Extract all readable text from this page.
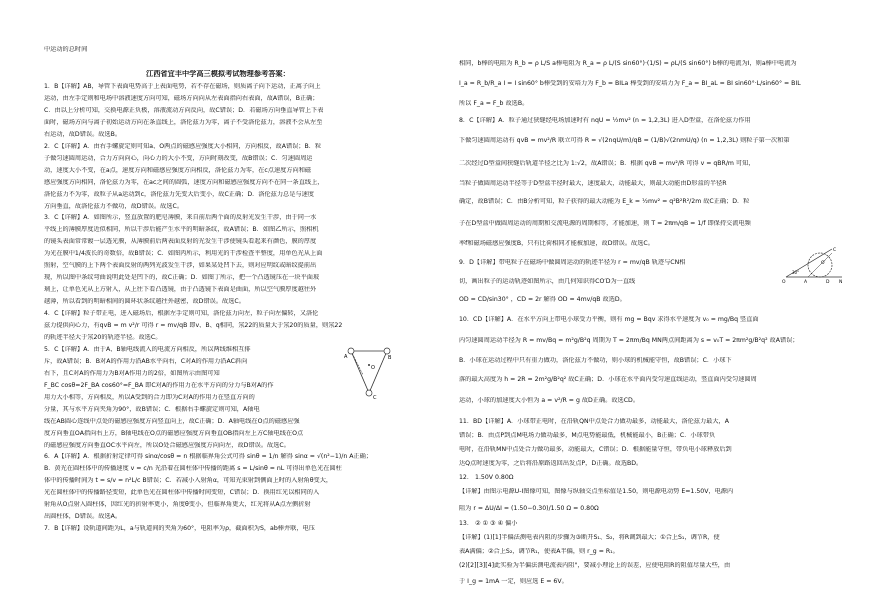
中运动的总时间
江西省宜丰中学高三模拟考试物理参考答案：
1．B【详解】AB，导管下表面电势高于上表面电势，若不存在磁场，则质离子向下运动，正离子向上
运动，由左手定则和电场中溶液速度方向可知，磁场方向向从左表面指向右表面，故A错误，B正确；
C．由以上分析可知，交换电源正负极，溶液流动方向反向，故C错误；D．若磁场方向垂直导管上下表
面时，磁场方向与离子初始运动方向在条直线上，洛伦兹力为零，离子不受洛伦兹力，溶液不会从左至
右运动，故D错误。故选B。
2．C【详解】A．由右手螺旋定则可知a、O两点的磁感应强度大小相同，方向相反，故A错误；B．粒
子做匀速圆周运动，合力方向向心，向心力的大小不变，方向时刻改变，故B错误；C．匀速圆周运
动，速度大小不变，在a点，速度方向和磁感应强度方向相反，洛伦兹力为零，在c点速度方向和磁
感应强度方向相同，洛伦兹力为零，在ac之间的圆弧，速度方向和磁感应强度方向不在同一条直线上，
洛伦兹力不为零，故粒子从a运动到c，洛伦兹力先变大后变小，故C正确；D．洛伦兹力总是与速度
方向垂直，故洛伦兹力不做功，故D错误。故选C。
3．C【详解】A．如图所示，竖直放置的肥皂薄膜，来自前后两个面的反射光发生干涉，由于同一水
平线上的薄膜厚度近似相同，所以干涉后能产生水平的明暗条纹，故A错误；B．如图乙所示，照相机
的镜头表面常常镀一层透光膜，从薄膜前后两表面反射的光发生干涉使镜头看起来有颜色，膜的厚度
为光在膜中1/4波长的奇数倍，故B错误；C．如图丙所示，利用光的干涉检查平整度，用单色光从上面
照射，空气膜的上下两个表面反射的两列光波发生干涉，如果某处凹下去，则对应明纹或暗纹提前出
现，所以图中条纹弯曲说明此处是凹下的，故C正确；D．如图丁所示，把一个凸透镜压在一块平面玻
璃上，让单色光从上方射入，从上往下看凸透镜，由于凸透镜下表面是曲面，所以空气膜厚度越往外
越薄，所以看到的明暗相间的圆环状条纹越往外越密，故D错误。故选C。
4．C【详解】粒子带正电，进入磁场后，根据左手定则可知，洛伦兹力向左，粒子向左偏转，又洛伦
兹力提供向心力，有qvB = m v²/r 可得 r = mv/qB 即v、B、q相同，氖22的质量大于氖20的质量，则氖22
的轨迹半径大于氖20的轨迹半径。故选C。
5．C【详解】A．由于A、B轴电线流入的电流方向相反，所以两线维相互排
斥，故A错误；B．B对A的作用力沿AB水平向右，C对A的作用力沿AC斜向
右下，且C对A的作用力为B对A作用力的2倍，如图所示由图可知
F_BC cosθ=2F_BA cos60°=F_BA 即C对A的作用力在水平方向的分力与B对A的作
用力大小相等，方向相反，所以A受到的合力即为C对A的作用力在竖直方向的
分量，其与水平方向夹角为90°，故B错误；C．根据右手螺旋定则可知，A轴电
线在AB圆心连线中点处的磁感应强度方向竖直向上，故C正确；D．A轴电线在O点的磁感应强
度方向垂直OA指向右上方，B轴电线在O点的磁感应强度方向垂直OB指向左上方C轴电线在O点
的磁感应强度方向垂直OC水平向左，所以O处合磁感应强度方向向左，故D错误。故选C。
6．A【详解】A．根据折射定律可得 sinα/cosθ = n 根据临界角公式可得 sinθ = 1/n 解得 sinα = √(n²−1)/n A正确；
B．黄光在圆柱体中的传播速度 v = c/n 光沿着在圆柱体中传播的距离 s = L/sinθ = nL 可得出单色光在圆柱
体中的传播时间为 t = s/v = n²L/c B错误；C．若减小入射角α，可知光束射到侧面上时的入射角θ变大，
光在圆柱体中的传播路径变短，此单色光在圆柱体中传播时间变短，C错误；D．换用红光以相同的入
射角从O点射入圆柱体，因红光的折射率更小，角度θ变小，但临界角更大，红光将从A点左侧折射
出圆柱体，D错误。故选A。
7．B【详解】设轨道间距为L，a与轨道间的夹角为60°，电阻率为ρ，截面积为S，ab棒并联，电压
相同，b棒的电阻为 R_b = ρ L/S a棒电阻为 R_a = ρ L/(S sin60°)·(1/S) = ρL/(S sin60°) b棒的电流为I，则a棒中电流为
I_a = R_b/R_a I = I sin60° b棒受到的安培力为 F_b = BILa 棒受到的安培力为 F_a = BI_aL = BI sin60°·L/sin60° = BIL
所以 F_a = F_b 故选B。
8．C【详解】A．粒子通过狭缝经电场加速时有 nqU = ½mv² (n = 1,2,3L) 进入D型盒，在洛伦兹力作用
下做匀速圆周运动有 qvB = mv²/R 联立可得 R = √(2nqU/m)/qB = (1/B)√(2nmU/q) (n = 1,2,3L) 则粒子第一次和第
二次经过D型盒间狭缝后轨道半径之比为 1:√2，故A错误；B．根据 qvB = mv²/R 可得 v = qBR/m 可知，
当粒子做圆周运动半径等于D型盒半径时最大，速度最大，动能最大，则最大动能由D形盒的半径R
确定，故B错误；C．由B分析可知，粒子获得的最大动能为 E_k = ½mv² = q²B²R²/2m 故C正确；D．粒
子在D型盒中做圆周运动的周期和交流电源的周期相等，才能加速，则 T = 2πm/qB = 1/f 即保持交流电频
率f和磁场磁感应强度B，只有比荷相同才能被加速，故D错误。故选C。
9．D【详解】带电粒子在磁场中做圆周运动的轨迹半径为 r = mv/qB 轨迹与CN相
切，画出粒子的运动轨迹如图所示，由几何知识得CO′D为一直线
OD = CD/sin30° ，CD = 2r 解得 OD = 4mv/qB 故选D。
10．CD【详解】A．在水平方向上带电小球受力平衡，则有 mg = Bqv 求得水平速度为 v₀ = mg/Bq 竖直面
内匀速圆周运动半径为 R = mv/Bq = m²g/B²q 周期为 T = 2πm/Bq MN两点间距离为 s = v₀T = 2πm²g/B²q² 故A错误；
B．小球在运动过程中只有重力做功，洛伦兹力不做功，则小球的机械能守恒，故B错误；C．小球下
落的最大高度为 h = 2R = 2m²g/B²q² 故C正确；D．小球在水平面内受匀速直线运动，竖直面内受匀速圆周
运动，小球的加速度大小恒为 a = v²/R = g 故D正确。故选CD。
11．BD【详解】A．小球带正电时，在沿轨QN中点处合力做功最多，动能最大，洛伦兹力最大，A
错误；B．由点P到点M电场力做功最多，M点电势能最低，机械能最小，B正确；C．小球带负
电时，在沿轨MN中点处合力做功最多，动能最大，C错误；D．根据能量守恒，带负电小球释放后到
达Q点时速度为零，之后将沿原路返回出发点P，D正确。故选BD。
12． 1.50V 0.80Ω
【详解】由图示电源U-I图像可知，图像与纵轴交点坐标值是1.50，则电源电动势 E=1.50V，电源内
阻为 r = ΔU/ΔI = (1.50−0.30)/1.50 Ω = 0.80Ω
13． ② ① ③ ④ 偏小
【详解】(1)[1]半偏法测电表内阻的步骤为③断开S₁、S₂，将R调到最大；①合上S₁，调节R，使
表A满偏；②合上S₂，调节R₁，使表A半偏，则 r_g = R₁。
(2)[2][3][4]此实验为半偏法测电流表内阻"，要减小理论上的误差，应使电阻R的阻值尽量大些，由
于 I_g = 1mA 一定，则应选 E = 6V。
A	B
C
O
O	A
C
N
D
O′
30°
